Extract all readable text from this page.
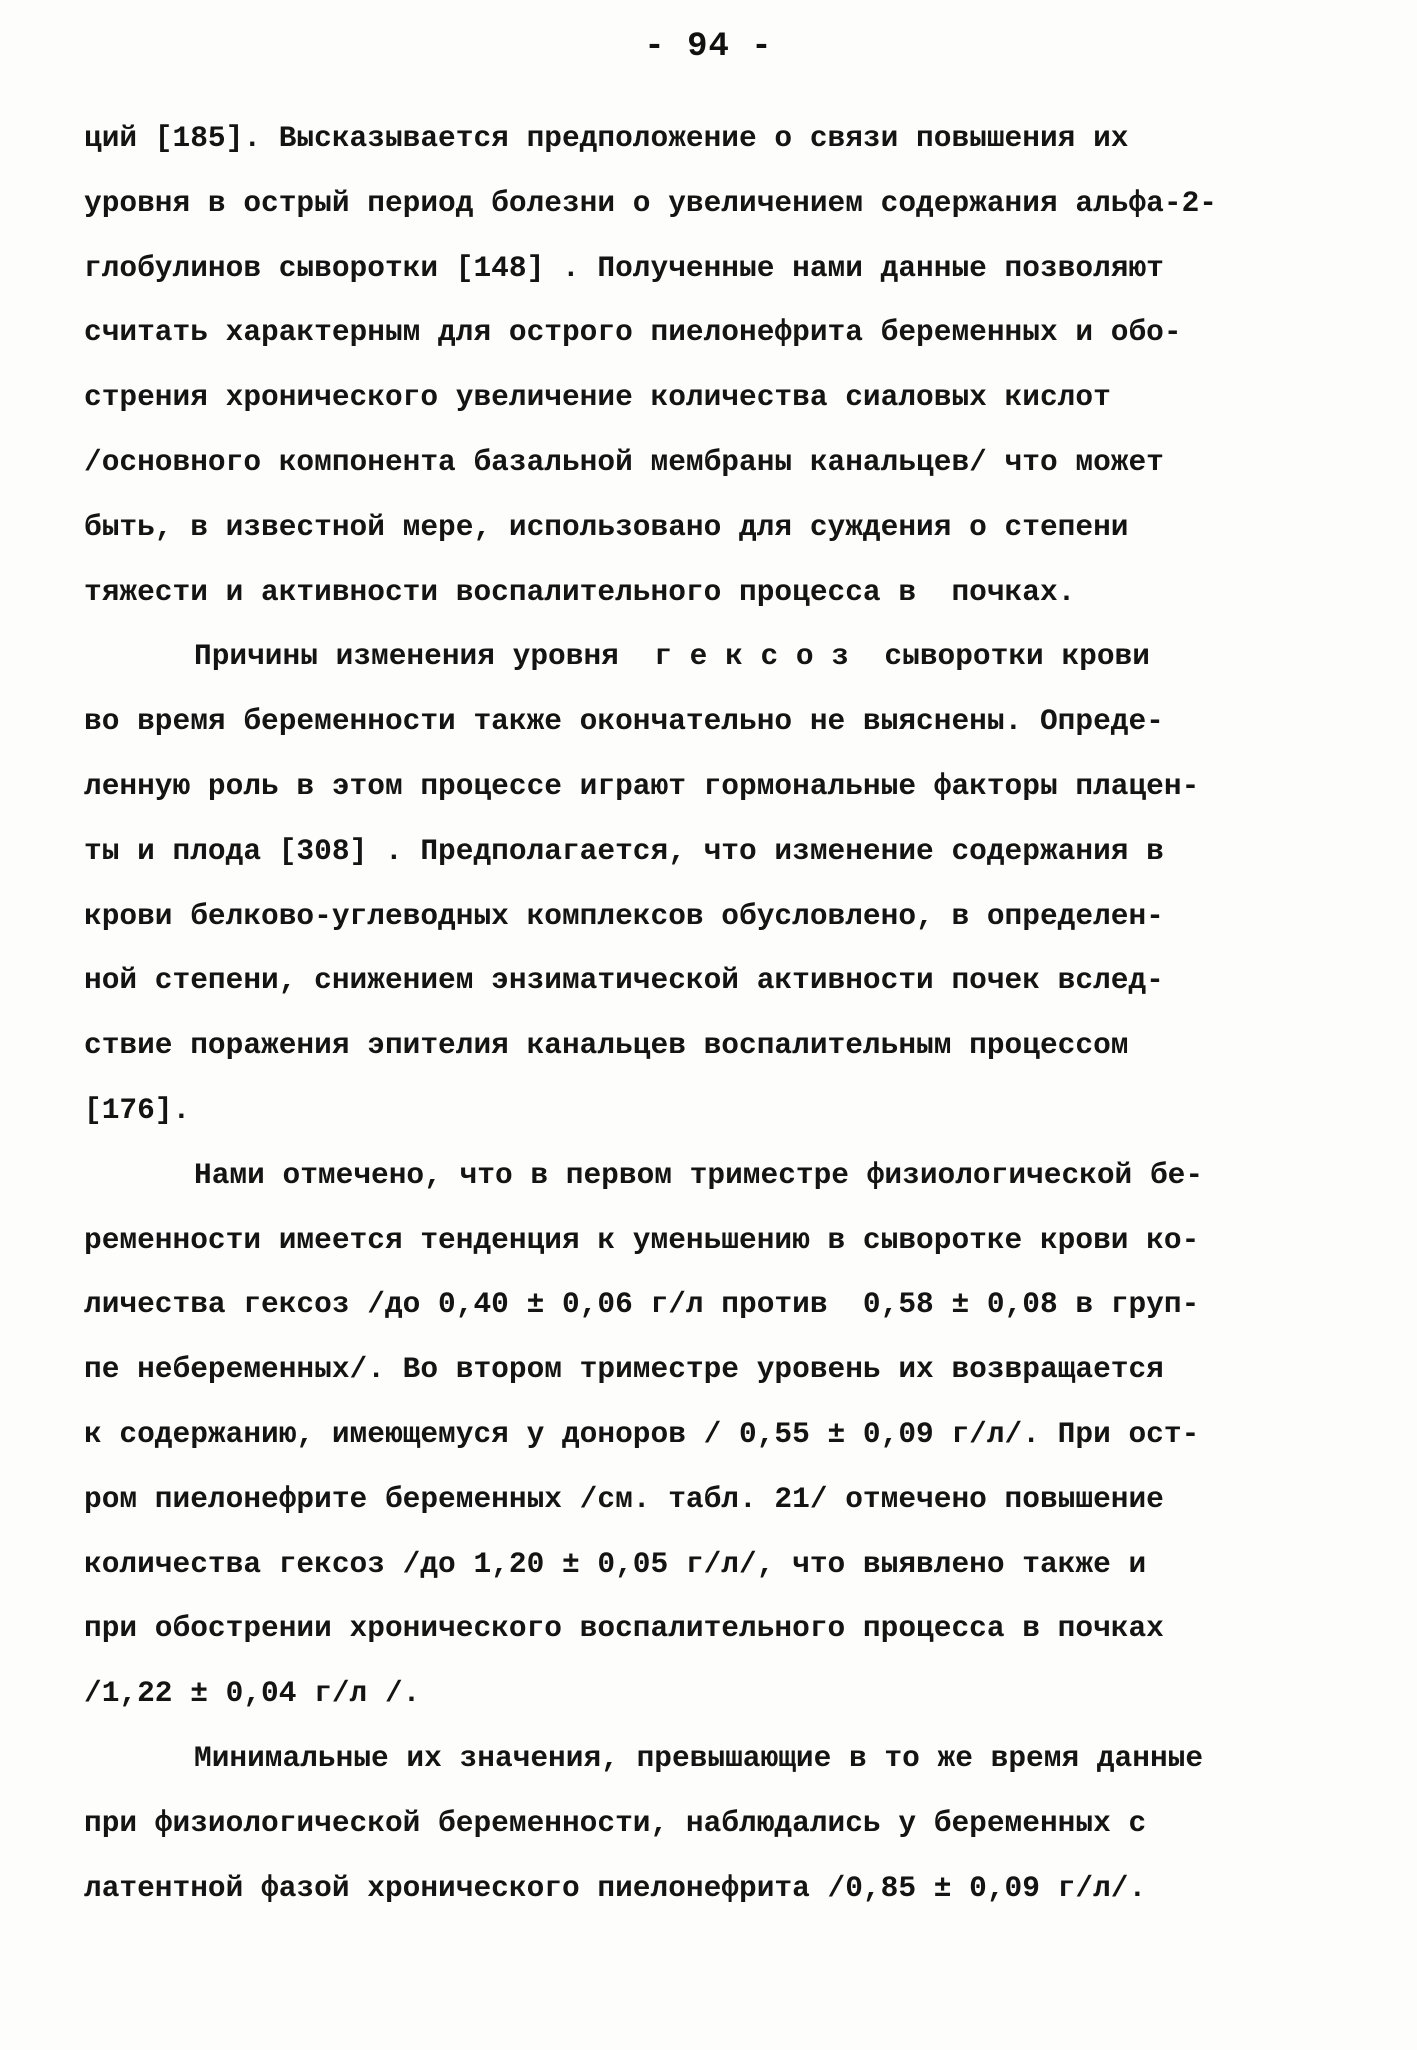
- 94 -
ций [185]. Высказывается предположение о связи повышения их
уровня в острый период болезни о увеличением содержания альфа-2-
глобулинов сыворотки [148] . Полученные нами данные позволяют
считать характерным для острого пиелонефрита беременных и обо-
стрения хронического увеличение количества сиаловых кислот
/основного компонента базальной мембраны канальцев/ что может
быть, в известной мере, использовано для суждения о степени
тяжести и активности воспалительного процесса в  почках.
Причины изменения уровня  г е к с о з  сыворотки крови
во время беременности также окончательно не выяснены. Опреде-
ленную роль в этом процессе играют гормональные факторы плацен-
ты и плода [308] . Предполагается, что изменение содержания в
крови белково-углеводных комплексов обусловлено, в определен-
ной степени, снижением энзиматической активности почек вслед-
ствие поражения эпителия канальцев воспалительным процессом
[176].
Нами отмечено, что в первом триместре физиологической бе-
ременности имеется тенденция к уменьшению в сыворотке крови ко-
личества гексоз /до 0,40 ± 0,06 г/л против  0,58 ± 0,08 в груп-
пе небеременных/. Во втором триместре уровень их возвращается
к содержанию, имеющемуся у доноров / 0,55 ± 0,09 г/л/. При ост-
ром пиелонефрите беременных /см. табл. 21/ отмечено повышение
количества гексоз /до 1,20 ± 0,05 г/л/, что выявлено также и
при обострении хронического воспалительного процесса в почках
/1,22 ± 0,04 г/л /.
Минимальные их значения, превышающие в то же время данные
при физиологической беременности, наблюдались у беременных с
латентной фазой хронического пиелонефрита /0,85 ± 0,09 г/л/.
